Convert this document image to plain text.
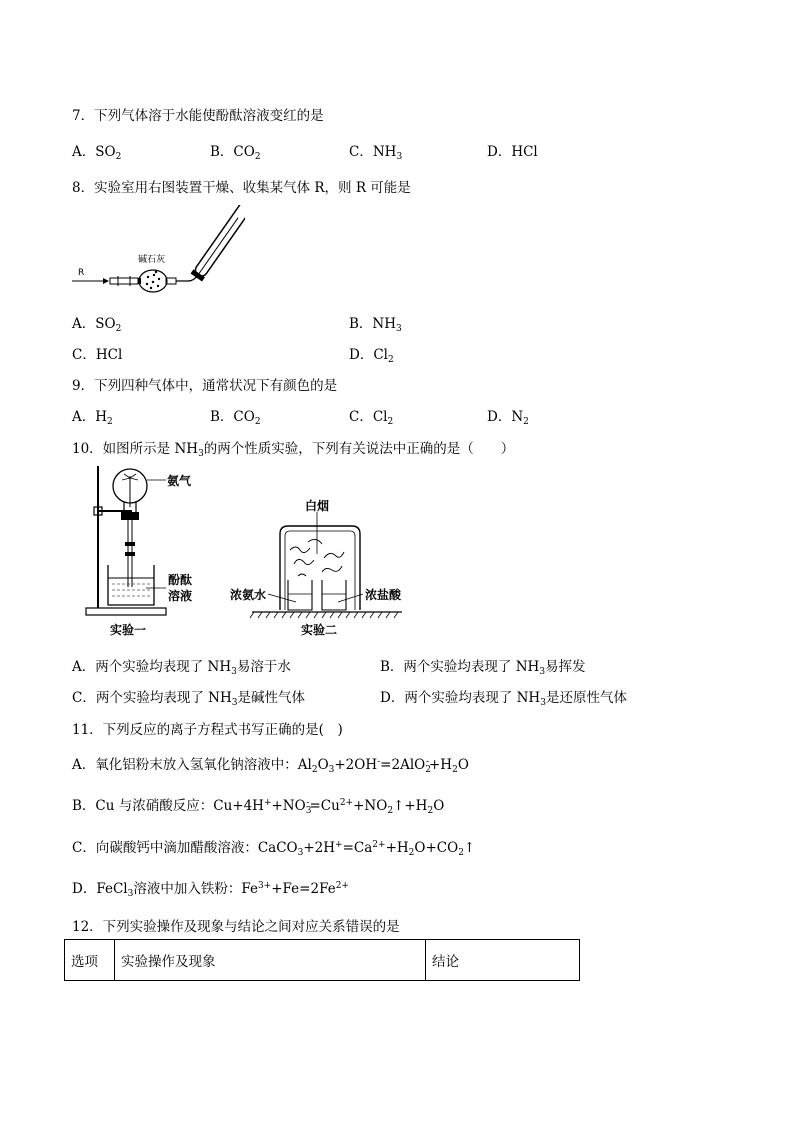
7．下列气体溶于水能使酚酞溶液变红的是
A．$SO_2$	B．$CO_2$	C．$NH_3$	D．HCl
8．实验室用右图装置干燥、收集某气体 R，则 R 可能是
R
碱石灰
A．$SO_2$	B．$NH_3$
C．HCl	D．$Cl_2$
9．下列四种气体中，通常状况下有颜色的是
A．$H_2$	B．$CO_2$	C．$Cl_2$	D．$N_2$
10．如图所示是 $NH_3$的两个性质实验，下列有关说法中正确的是（　　）
氨气
酚酞
溶液
实验一
白烟
浓氨水	浓盐酸
实验二
A．两个实验均表现了 $NH_3$易溶于水	B．两个实验均表现了 $NH_3$易挥发
C．两个实验均表现了 $NH_3$是碱性气体	D．两个实验均表现了 $NH_3$是还原性气体
11．下列反应的离子方程式书写正确的是(　)
A．氧化铝粉末放入氢氧化钠溶液中：$Al_2O_3+2OH^-=2AlO_2^-+H_2O$
B．Cu 与浓硝酸反应：$Cu+4H^++NO_3^-=Cu^{2+}+NO_2↑+H_2O$
C．向碳酸钙中滴加醋酸溶液：$CaCO_3+2H^+=Ca^{2+}+H_2O+CO_2↑$
D．FeCl$_3$溶液中加入铁粉：$Fe^{3+}+Fe=2Fe^{2+}$
12．下列实验操作及现象与结论之间对应关系错误的是
选项	实验操作及现象	结论
